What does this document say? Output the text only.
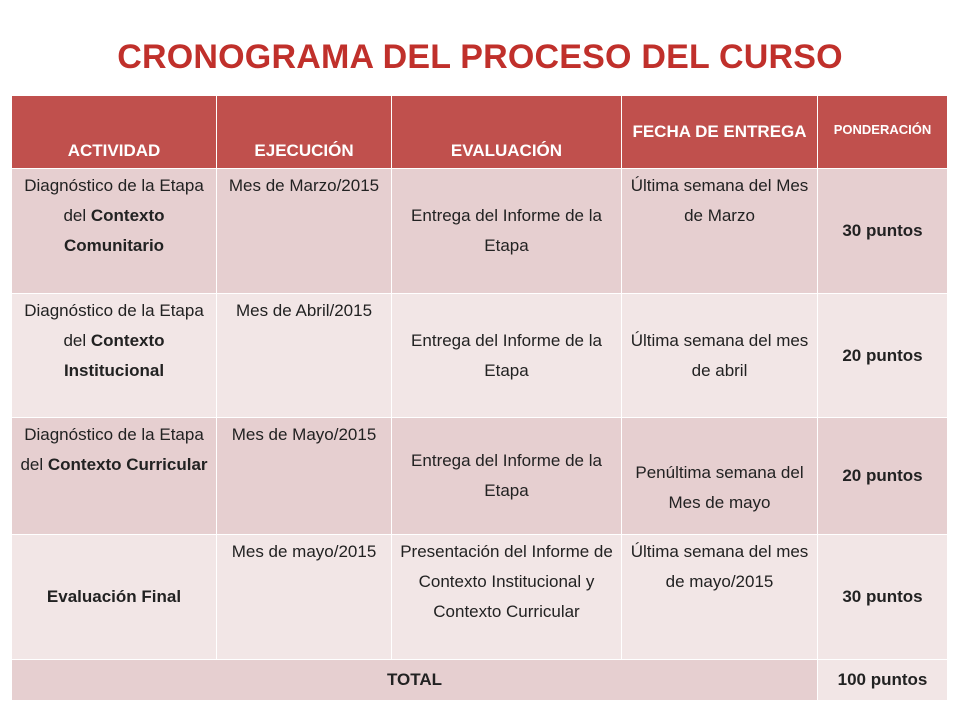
CRONOGRAMA DEL PROCESO DEL CURSO
ACTIVIDAD	EJECUCIÓN	EVALUACIÓN	FECHA DE ENTREGA	PONDERACIÓN
Diagnóstico de la Etapa del Contexto Comunitario	Mes de Marzo/2015	Entrega del Informe de la Etapa	Última semana del Mes de Marzo	30 puntos
Diagnóstico de la Etapa del Contexto Institucional	Mes de Abril/2015	Entrega del Informe de la Etapa	Última semana del mes de abril	20 puntos
Diagnóstico de la Etapa del Contexto Curricular	Mes de Mayo/2015	Entrega del Informe de la Etapa	Penúltima semana del Mes de mayo	20 puntos
Evaluación Final	Mes de mayo/2015	Presentación del Informe de Contexto Institucional y Contexto Curricular	Última semana del mes de mayo/2015	30 puntos
TOTAL				100 puntos
